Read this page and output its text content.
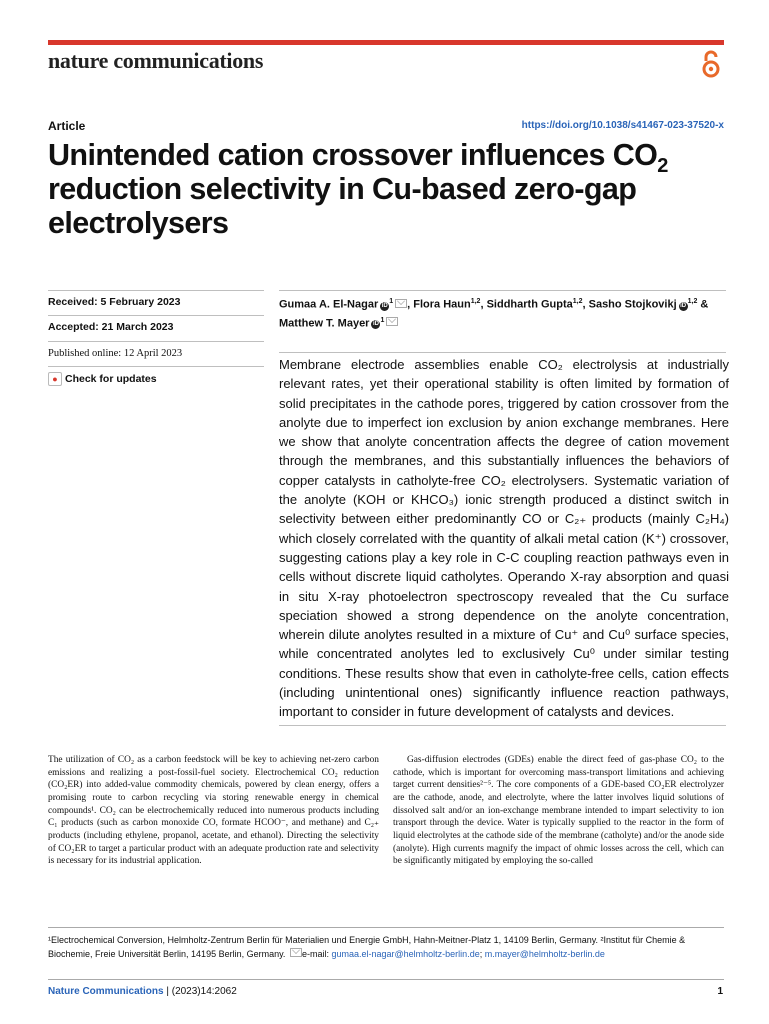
nature communications
Article	https://doi.org/10.1038/s41467-023-37520-x
Unintended cation crossover influences $CO_2$ reduction selectivity in Cu-based zero-gap electrolysers
Received: 5 February 2023
Accepted: 21 March 2023
Published online: 12 April 2023
● Check for updates
Gumaa A. El-Nagar $iD^1$ , Flora Haun$^{1,2}$, Siddharth Gupta$^{1,2}$, Sasho Stojkovikj iD$^{1,2}$ & Matthew T. Mayer $iD^1$

Membrane electrode assemblies enable CO₂ electrolysis at industrially relevant rates, yet their operational stability is often limited by formation of solid precipitates in the cathode pores, triggered by cation crossover from the anolyte due to imperfect ion exclusion by anion exchange membranes. Here we show that anolyte concentration affects the degree of cation movement through the membranes, and this substantially influences the behaviors of copper catalysts in catholyte-free CO₂ electrolysers. Systematic variation of the anolyte (KOH or KHCO₃) ionic strength produced a distinct switch in selectivity between either predominantly CO or C₂₊ products (mainly C₂H₄) which closely correlated with the quantity of alkali metal cation (K⁺) crossover, suggesting cations play a key role in C-C coupling reaction pathways even in cells without discrete liquid catholytes. Operando X-ray absorption and quasi in situ X-ray photoelectron spectroscopy revealed that the Cu surface speciation showed a strong dependence on the anolyte concentration, wherein dilute anolytes resulted in a mixture of Cu⁺ and Cu⁰ surface species, while concentrated anolytes led to exclusively Cu⁰ under similar testing conditions. These results show that even in catholyte-free cells, cation effects (including unintentional ones) significantly influence reaction pathways, important to consider in future development of catalysts and devices.

The utilization of CO₂ as a carbon feedstock will be key to achieving net-zero carbon emissions and realizing a post-fossil-fuel society. Electrochemical CO₂ reduction (CO₂ER) into added-value commodity chemicals, powered by clean energy, offers a promising route to carbon recycling via storing renewable energy in chemical compounds¹. CO₂ can be electrochemically reduced into numerous products including C₁ products (such as carbon monoxide CO, formate HCOO⁻, and methane) and C₂₊ products (including ethylene, propanol, acetate, and ethanol). Directing the selectivity of CO₂ER to target a particular product with an adequate production rate and selectivity is necessary for its industrial application.

Gas-diffusion electrodes (GDEs) enable the direct feed of gas-phase CO₂ to the cathode, which is important for overcoming mass-transport limitations and achieving target current densities²⁻⁵. The core components of a GDE-based CO₂ER electrolyzer are the cathode, anode, and electrolyte, where the latter involves liquid solutions of dissolved salt and/or an ion-exchange membrane intended to impart selectivity to ion transport through the device. Water is typically supplied to the reactor in the form of liquid electrolytes at the cathode side of the membrane (catholyte) and/or the anode side (anolyte). High currents magnify the impact of ohmic losses across the cell, which can be significantly mitigated by employing the so-called

¹Electrochemical Conversion, Helmholtz-Zentrum Berlin für Materialien und Energie GmbH, Hahn-Meitner-Platz 1, 14109 Berlin, Germany. ²Institut für Chemie & Biochemie, Freie Universität Berlin, 14195 Berlin, Germany. e-mail: gumaa.el-nagar@helmholtz-berlin.de; m.mayer@helmholtz-berlin.de

Nature Communications | (2023)14:2062	1
